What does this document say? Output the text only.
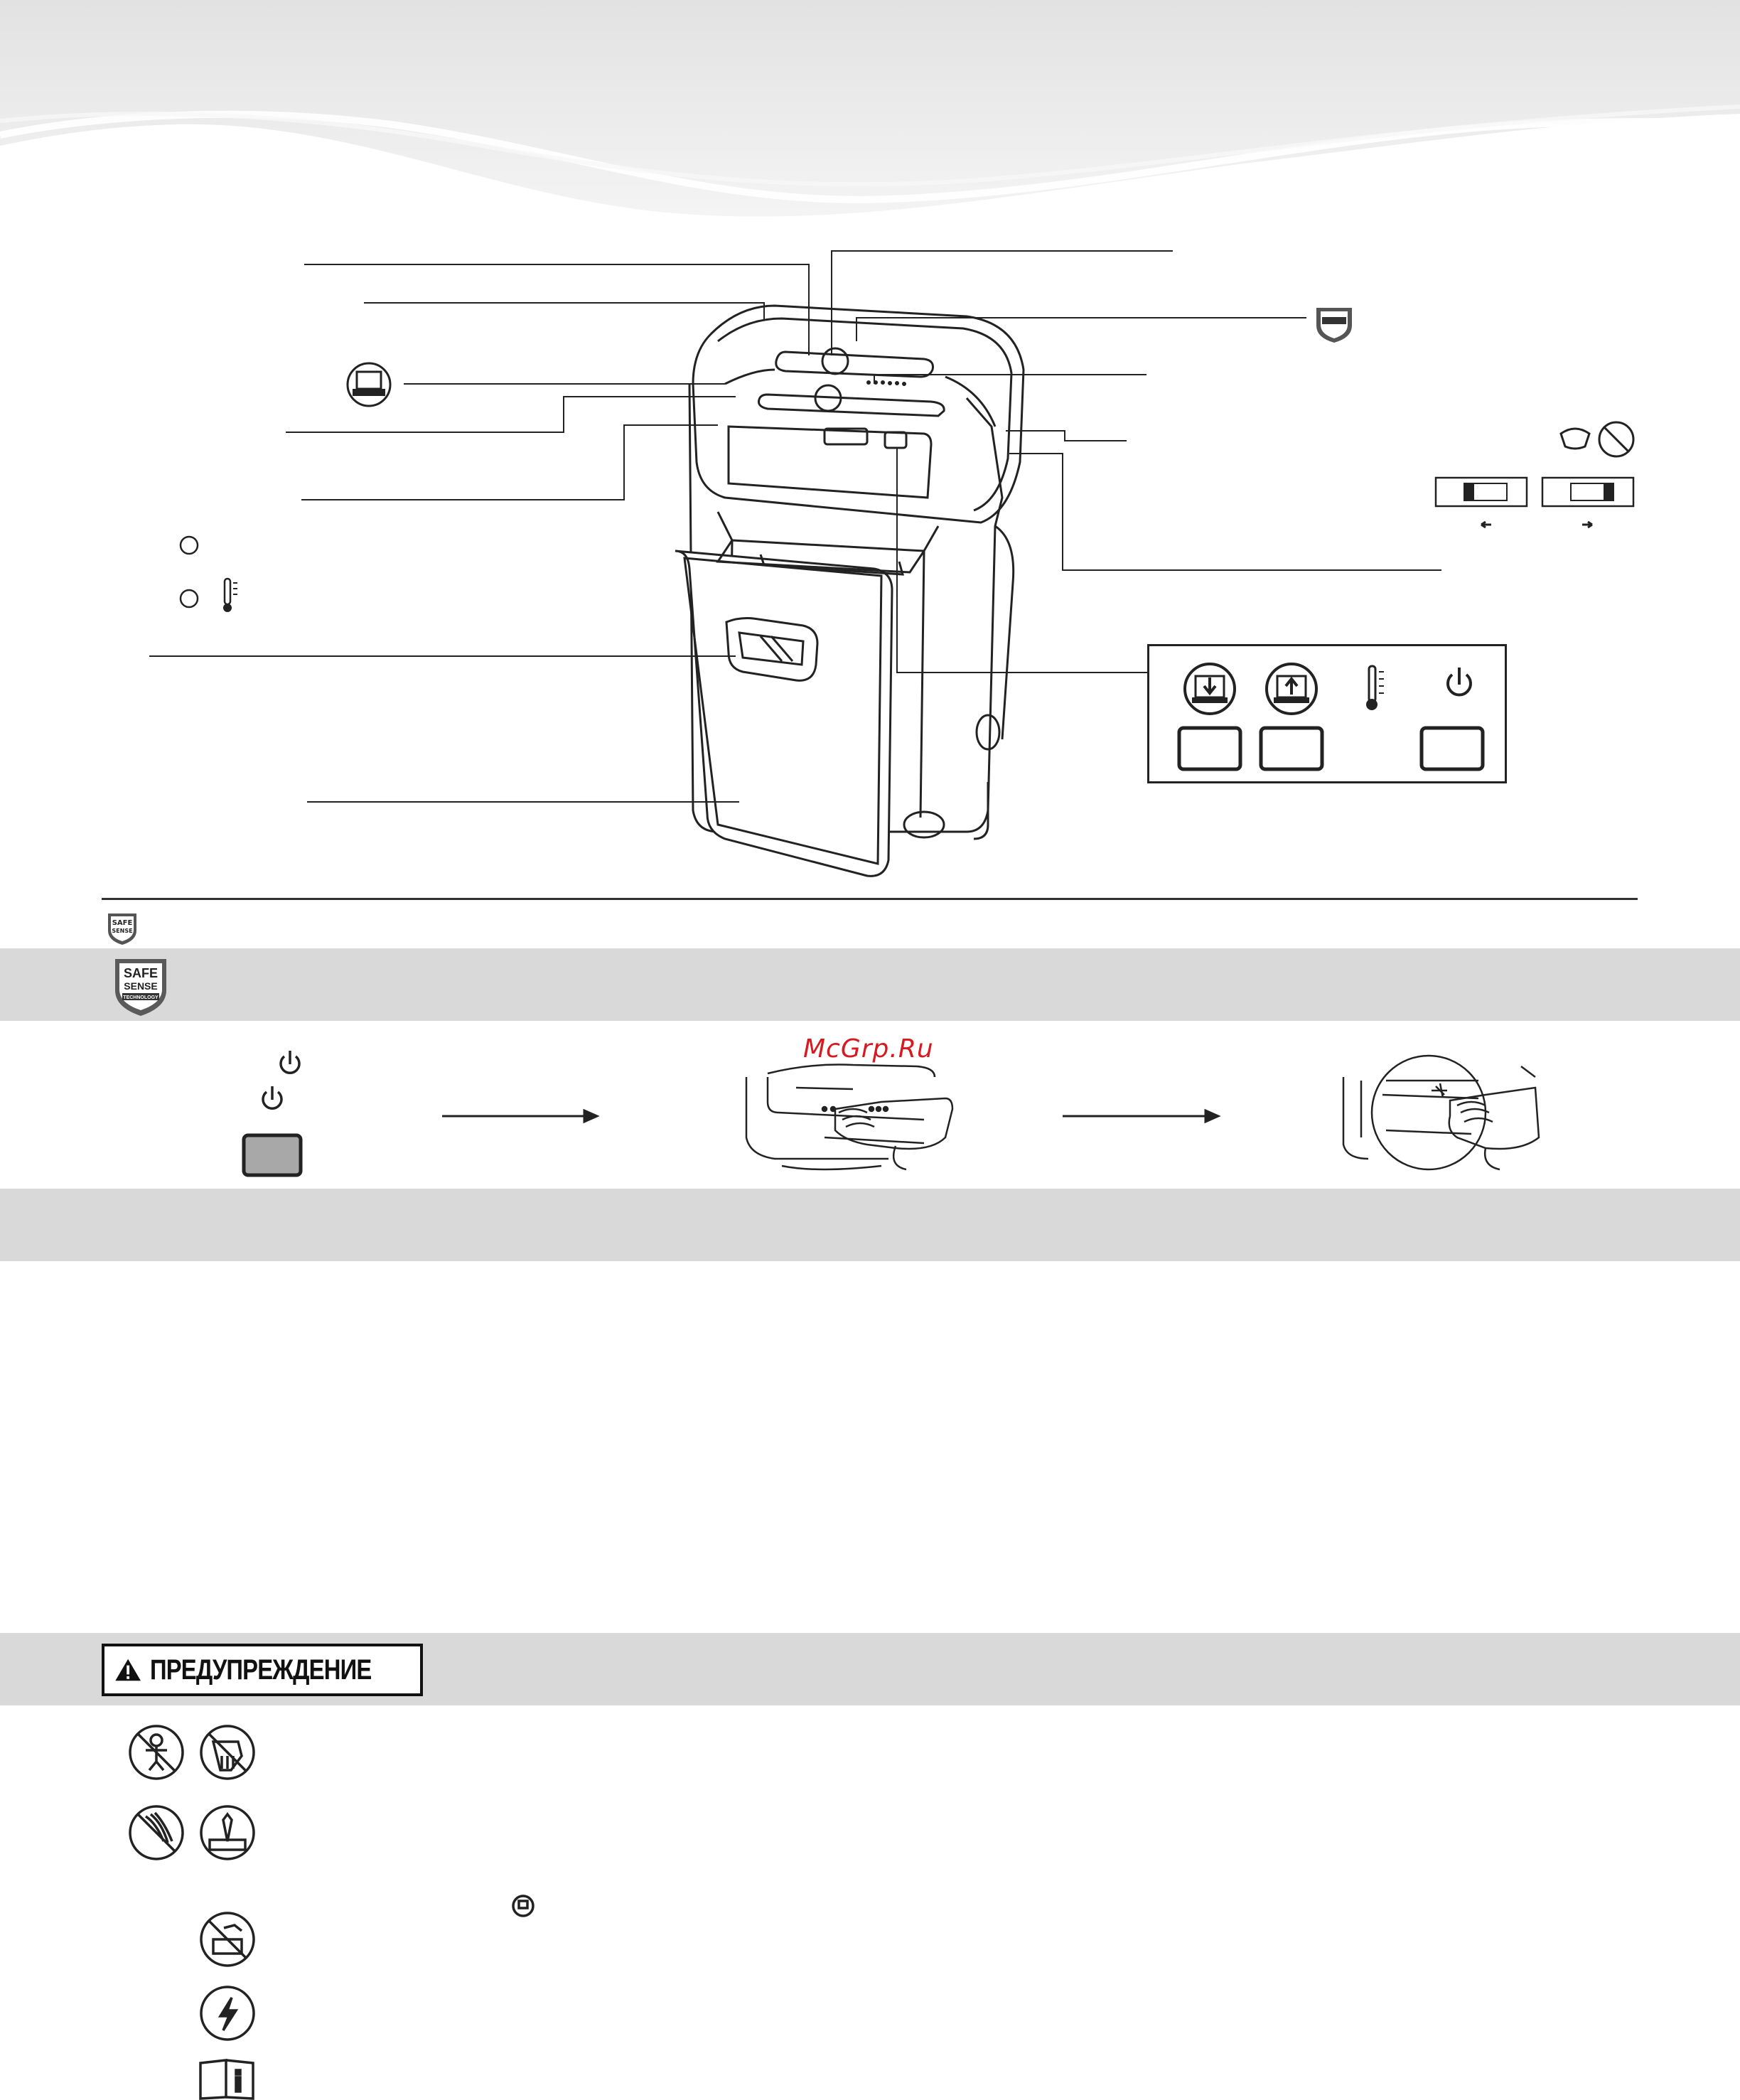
SAFE
SENSE
SAFE
SENSE
TECHNOLOGY
McGrp.Ru
ПРЕДУПРЕЖДЕНИЕ
